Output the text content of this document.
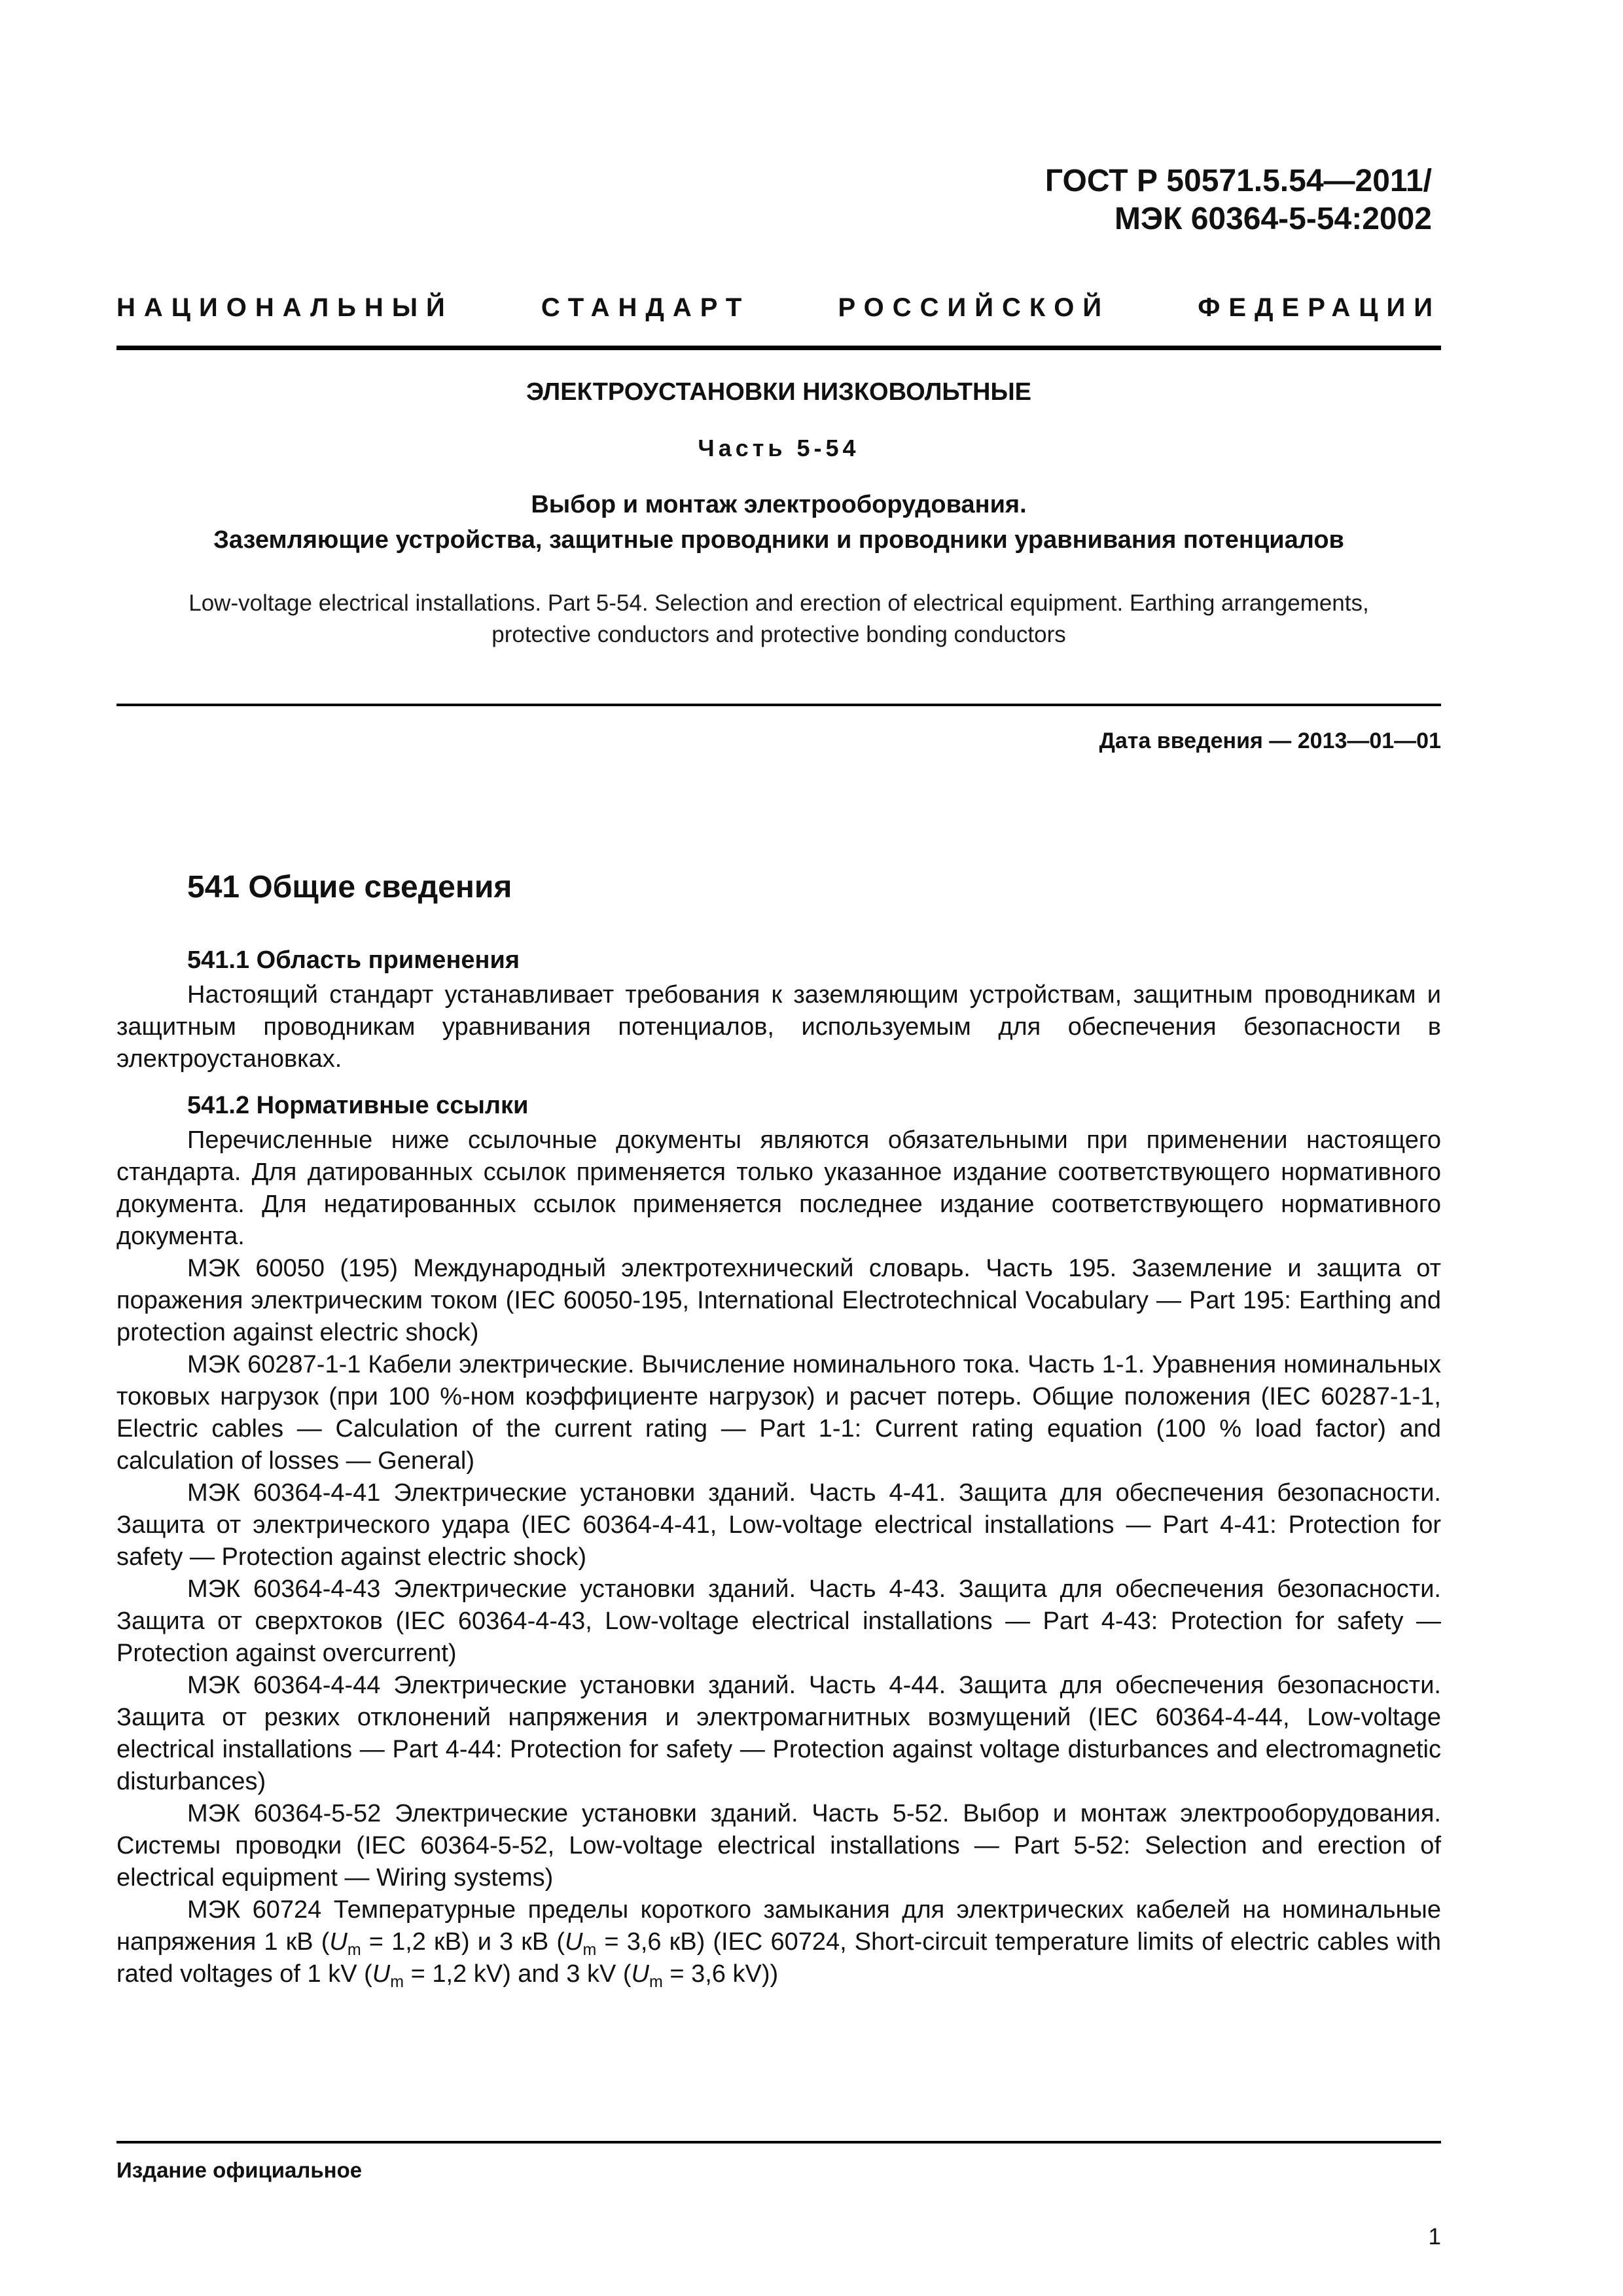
ГОСТ Р 50571.5.54—2011/
МЭК 60364-5-54:2002
НАЦИОНАЛЬНЫЙ	СТАНДАРТ	РОССИЙСКОЙ	ФЕДЕРАЦИИ
ЭЛЕКТРОУСТАНОВКИ НИЗКОВОЛЬТНЫЕ
Часть 5-54
Выбор и монтаж электрооборудования.
Заземляющие устройства, защитные проводники и проводники уравнивания потенциалов
Low-voltage electrical installations. Part 5-54. Selection and erection of electrical equipment. Earthing arrangements,
protective conductors and protective bonding conductors
Дата введения — 2013—01—01
541 Общие сведения
541.1 Область применения

Настоящий стандарт устанавливает требования к заземляющим устройствам, защитным проводникам и защитным проводникам уравнивания потенциалов, используемым для обеспечения безопасности в электроустановках.

541.2 Нормативные ссылки

Перечисленные ниже ссылочные документы являются обязательными при применении настоящего стандарта. Для датированных ссылок применяется только указанное издание соответствующего нормативного документа. Для недатированных ссылок применяется последнее издание соответствующего нормативного документа.

МЭК 60050 (195) Международный электротехнический словарь. Часть 195. Заземление и защита от поражения электрическим током (IEC 60050-195, International Electrotechnical Vocabulary — Part 195: Earthing and protection against electric shock)

МЭК 60287-1-1 Кабели электрические. Вычисление номинального тока. Часть 1-1. Уравнения номинальных токовых нагрузок (при 100 %-ном коэффициенте нагрузок) и расчет потерь. Общие положения (IEC 60287-1-1, Electric cables — Calculation of the current rating — Part 1-1: Current rating equation (100 % load factor) and calculation of losses — General)

МЭК 60364-4-41 Электрические установки зданий. Часть 4-41. Защита для обеспечения безопасности. Защита от электрического удара (IEC 60364-4-41, Low-voltage electrical installations — Part 4-41: Protection for safety — Protection against electric shock)

МЭК 60364-4-43 Электрические установки зданий. Часть 4-43. Защита для обеспечения безопасности. Защита от сверхтоков (IEC 60364-4-43, Low-voltage electrical installations — Part 4-43: Protection for safety — Protection against overcurrent)

МЭК 60364-4-44 Электрические установки зданий. Часть 4-44. Защита для обеспечения безопасности. Защита от резких отклонений напряжения и электромагнитных возмущений (IEC 60364-4-44, Low-voltage electrical installations — Part 4-44: Protection for safety — Protection against voltage disturbances and electromagnetic disturbances)

МЭК 60364-5-52 Электрические установки зданий. Часть 5-52. Выбор и монтаж электрооборудования. Системы проводки (IEC 60364-5-52, Low-voltage electrical installations — Part 5-52: Selection and erection of electrical equipment — Wiring systems)

МЭК 60724 Температурные пределы короткого замыкания для электрических кабелей на номинальные напряжения 1 кВ ($U_m = 1,2$ кВ) и 3 кВ ($U_m = 3,6$ кВ) (IEC 60724, Short-circuit temperature limits of electric cables with rated voltages of 1 kV ($U_m = 1,2$ kV) and 3 kV ($U_m = 3,6$ kV))

Издание официальное
1
